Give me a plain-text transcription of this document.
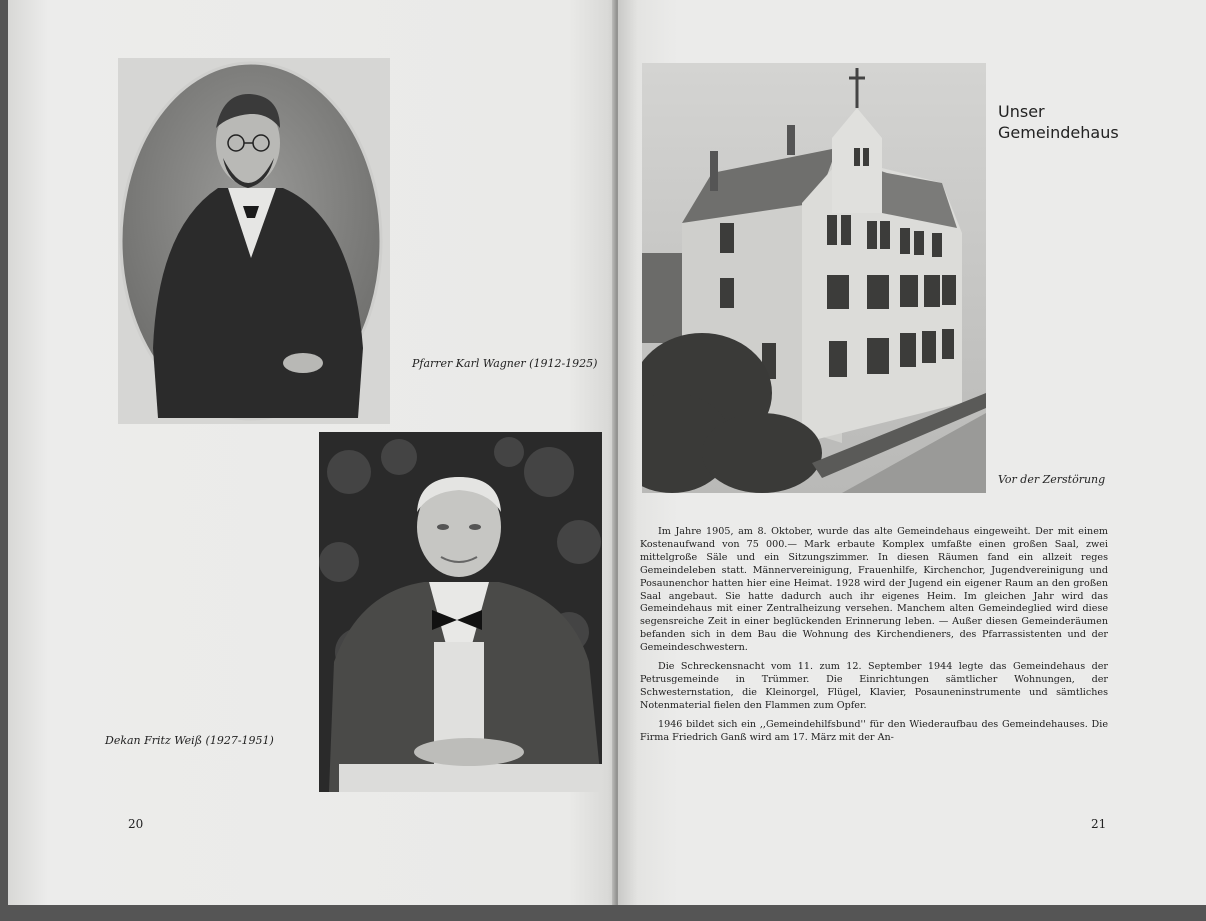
Pfarrer Karl Wagner (1912-1925)
Dekan Fritz Weiß (1927-1951)
20
Unser
Gemeindehaus
Vor der Zerstörung

Im Jahre 1905, am 8. Oktober, wurde das alte Gemeindehaus eingeweiht. Der mit einem Kostenaufwand von 75 000.— Mark erbaute Komplex umfaßte einen großen Saal, zwei mittelgroße Säle und ein Sitzungszimmer. In diesen Räumen fand ein allzeit reges Gemeindeleben statt. Männervereinigung, Frauenhilfe, Kirchenchor, Jugendvereinigung und Posaunenchor hatten hier eine Heimat. 1928 wird der Jugend ein eigener Raum an den großen Saal angebaut. Sie hatte dadurch auch ihr eigenes Heim. Im gleichen Jahr wird das Gemeindehaus mit einer Zentralheizung versehen. Manchem alten Gemeindeglied wird diese segensreiche Zeit in einer beglückenden Erinnerung leben. — Außer diesen Gemeinderäumen befanden sich in dem Bau die Wohnung des Kirchendieners, des Pfarrassistenten und der Gemeindeschwestern.

Die Schreckensnacht vom 11. zum 12. September 1944 legte das Gemeindehaus der Petrusgemeinde in Trümmer. Die Einrichtungen sämtlicher Wohnungen, der Schwesternstation, die Kleinorgel, Flügel, Klavier, Posauneninstrumente und sämtliches Notenmaterial fielen den Flammen zum Opfer.

1946 bildet sich ein ,,Gemeindehilfsbund'' für den Wiederaufbau des Gemeindehauses. Die Firma Friedrich Ganß wird am 17. März mit der An-

21
